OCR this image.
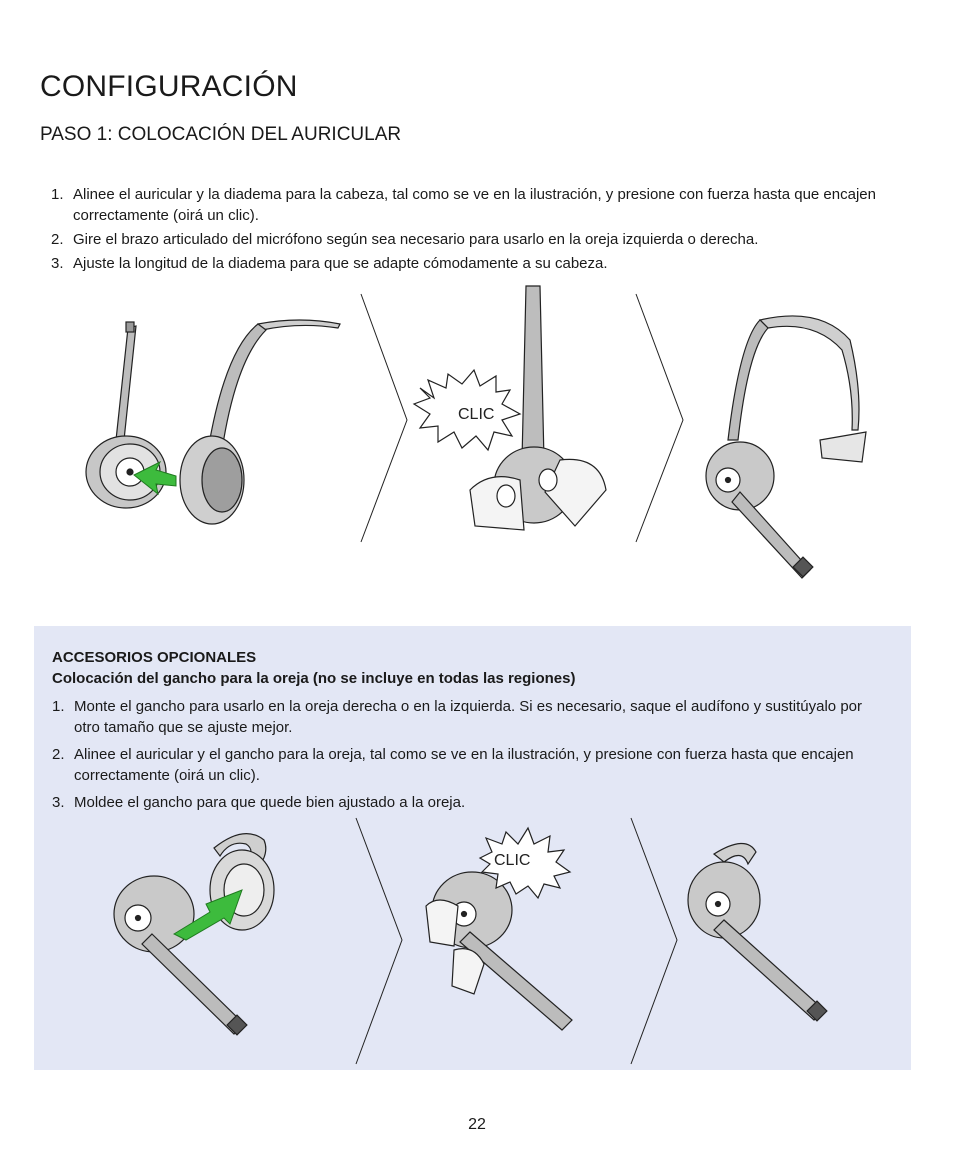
CONFIGURACIÓN
PASO 1: COLOCACIÓN DEL AURICULAR
1. Alinee el auricular y la diadema para la cabeza, tal como se ve en la ilustración, y presione con fuerza hasta que encajen correctamente (oirá un clic).
2. Gire el brazo articulado del micrófono según sea necesario para usarlo en la oreja izquierda o derecha.
3. Ajuste la longitud de la diadema para que se adapte cómodamente a su cabeza.
CLIC
ACCESORIOS OPCIONALES
Colocación del gancho para la oreja (no se incluye en todas las regiones)
1. Monte el gancho para usarlo en la oreja derecha o en la izquierda. Si es necesario, saque el audífono y sustitúyalo por otro tamaño que se ajuste mejor.
2. Alinee el auricular y el gancho para la oreja, tal como se ve en la ilustración, y presione con fuerza hasta que encajen correctamente (oirá un clic).
3. Moldee el gancho para que quede bien ajustado a la oreja.
CLIC
22
